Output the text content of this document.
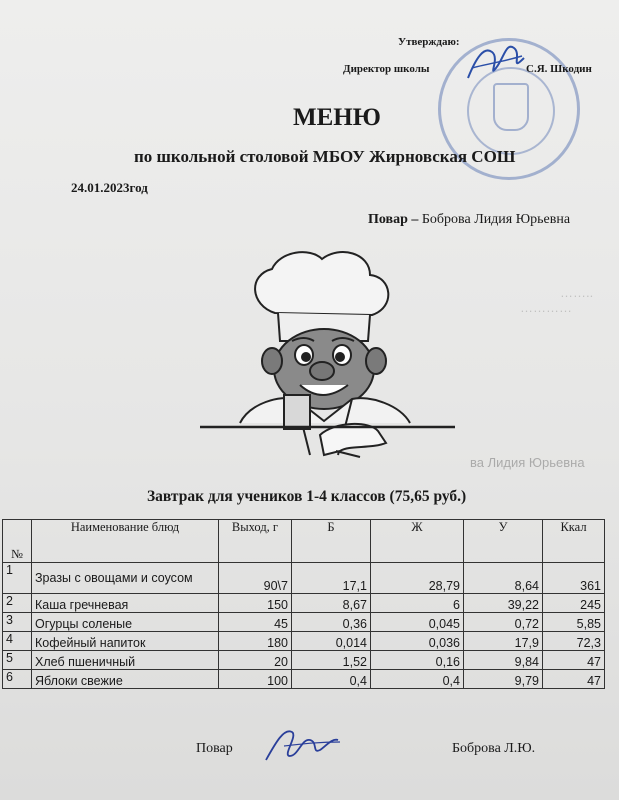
Утверждаю:
Директор школы	С.Я. Шкодин
МЕНЮ
по школьной столовой МБОУ Жирновская СОШ
24.01.2023год
Повар – Боброва Лидия Юрьевна
……..
…………
ва Лидия Юрьевна
Завтрак для учеников 1-4 классов (75,65 руб.)
№	Наименование блюд	Выход, г	Б	Ж	У	Ккал
1	Зразы с овощами и соусом	90\7	17,1	28,79	8,64	361
2	Каша гречневая	150	8,67	6	39,22	245
3	Огурцы соленые	45	0,36	0,045	0,72	5,85
4	Кофейный напиток	180	0,014	0,036	17,9	72,3
5	Хлеб пшеничный	20	1,52	0,16	9,84	47
6	Яблоки свежие	100	0,4	0,4	9,79	47
Повар	Боброва Л.Ю.
